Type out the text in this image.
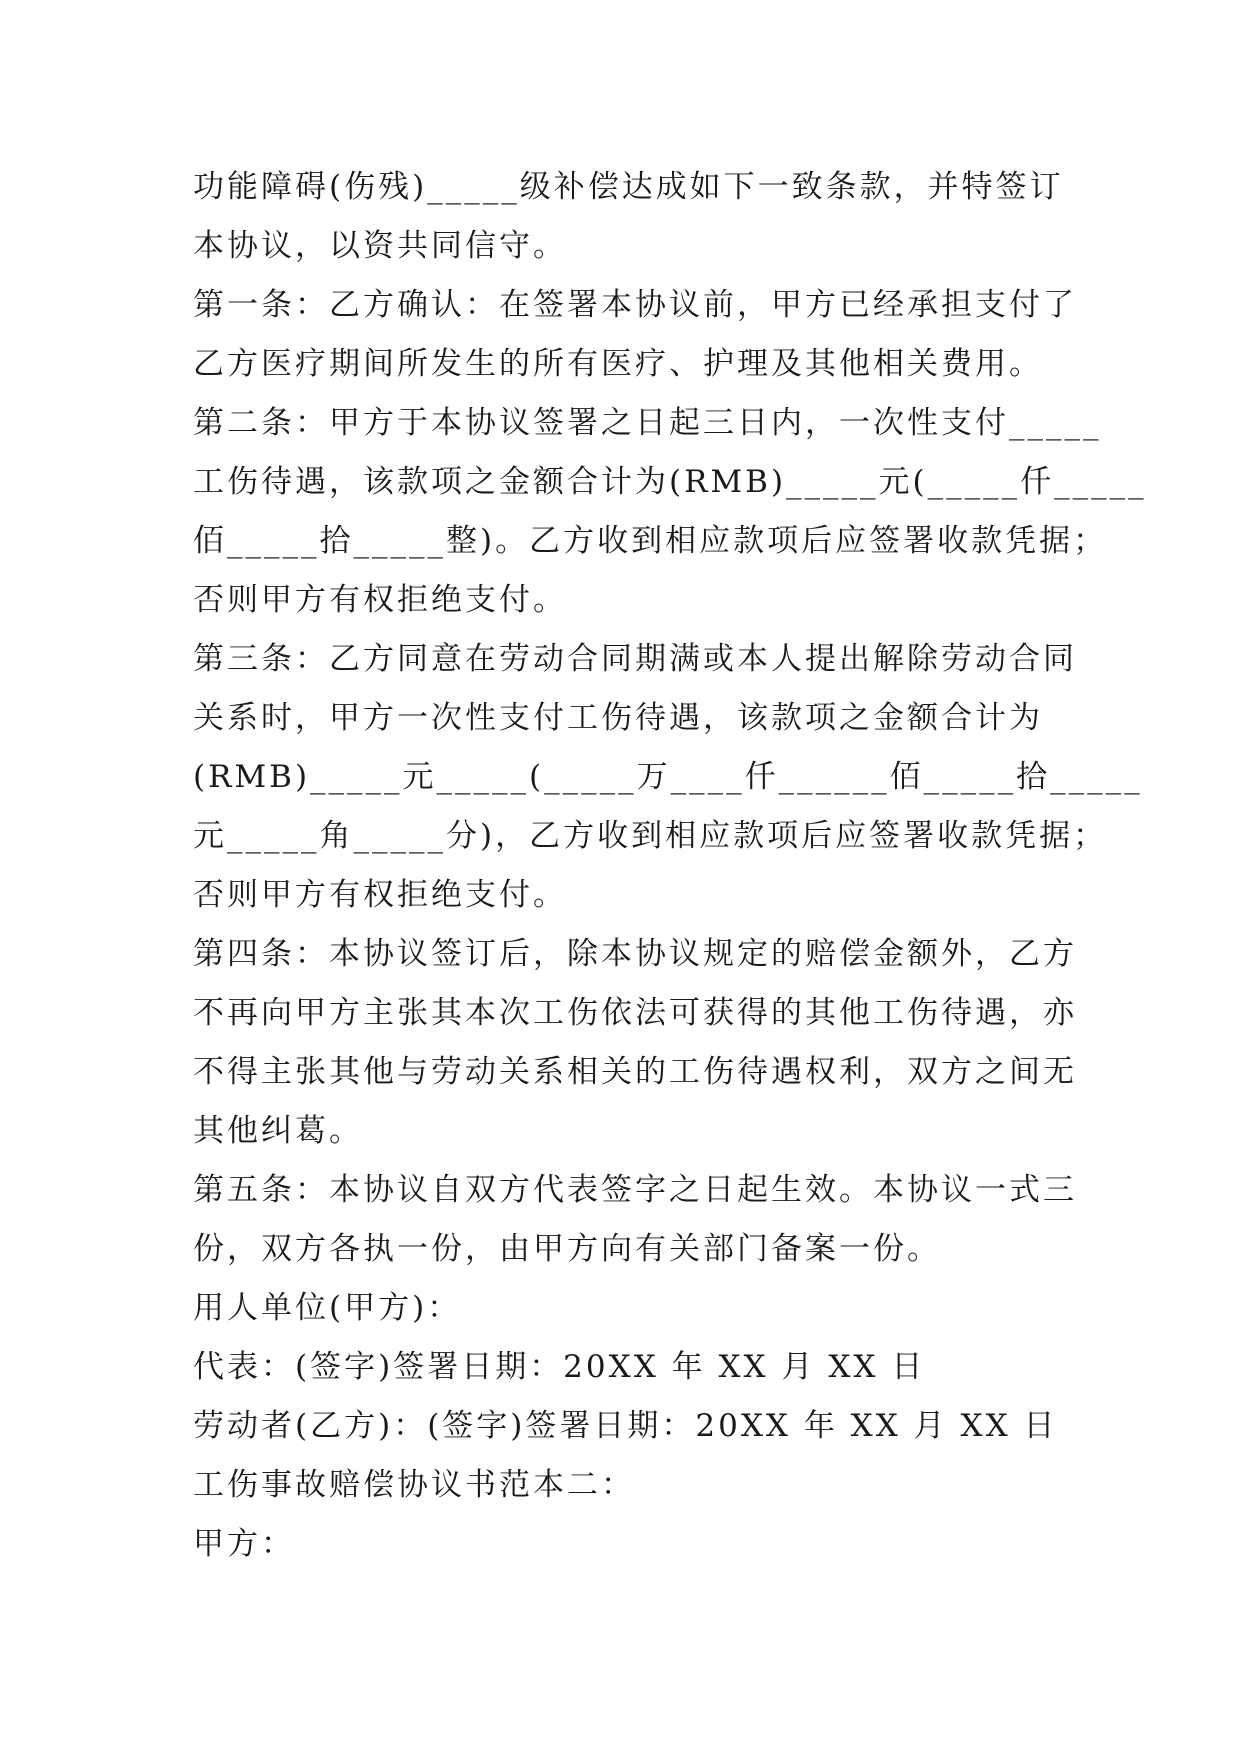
功能障碍(伤残)_____级补偿达成如下一致条款，并特签订
本协议，以资共同信守。
第一条：乙方确认：在签署本协议前，甲方已经承担支付了
乙方医疗期间所发生的所有医疗、护理及其他相关费用。
第二条：甲方于本协议签署之日起三日内，一次性支付_____
工伤待遇，该款项之金额合计为(RMB)_____元(_____仟_____
佰_____拾_____整)。乙方收到相应款项后应签署收款凭据；
否则甲方有权拒绝支付。
第三条：乙方同意在劳动合同期满或本人提出解除劳动合同
关系时，甲方一次性支付工伤待遇，该款项之金额合计为
(RMB)_____元_____(_____万____仟______佰_____拾_____
元_____角_____分)，乙方收到相应款项后应签署收款凭据；
否则甲方有权拒绝支付。
第四条：本协议签订后，除本协议规定的赔偿金额外，乙方
不再向甲方主张其本次工伤依法可获得的其他工伤待遇，亦
不得主张其他与劳动关系相关的工伤待遇权利，双方之间无
其他纠葛。
第五条：本协议自双方代表签字之日起生效。本协议一式三
份，双方各执一份，由甲方向有关部门备案一份。
用人单位(甲方)：
代表：(签字)签署日期：20XX 年 XX 月 XX 日
劳动者(乙方)：(签字)签署日期：20XX 年 XX 月 XX 日
工伤事故赔偿协议书范本二：
甲方：
